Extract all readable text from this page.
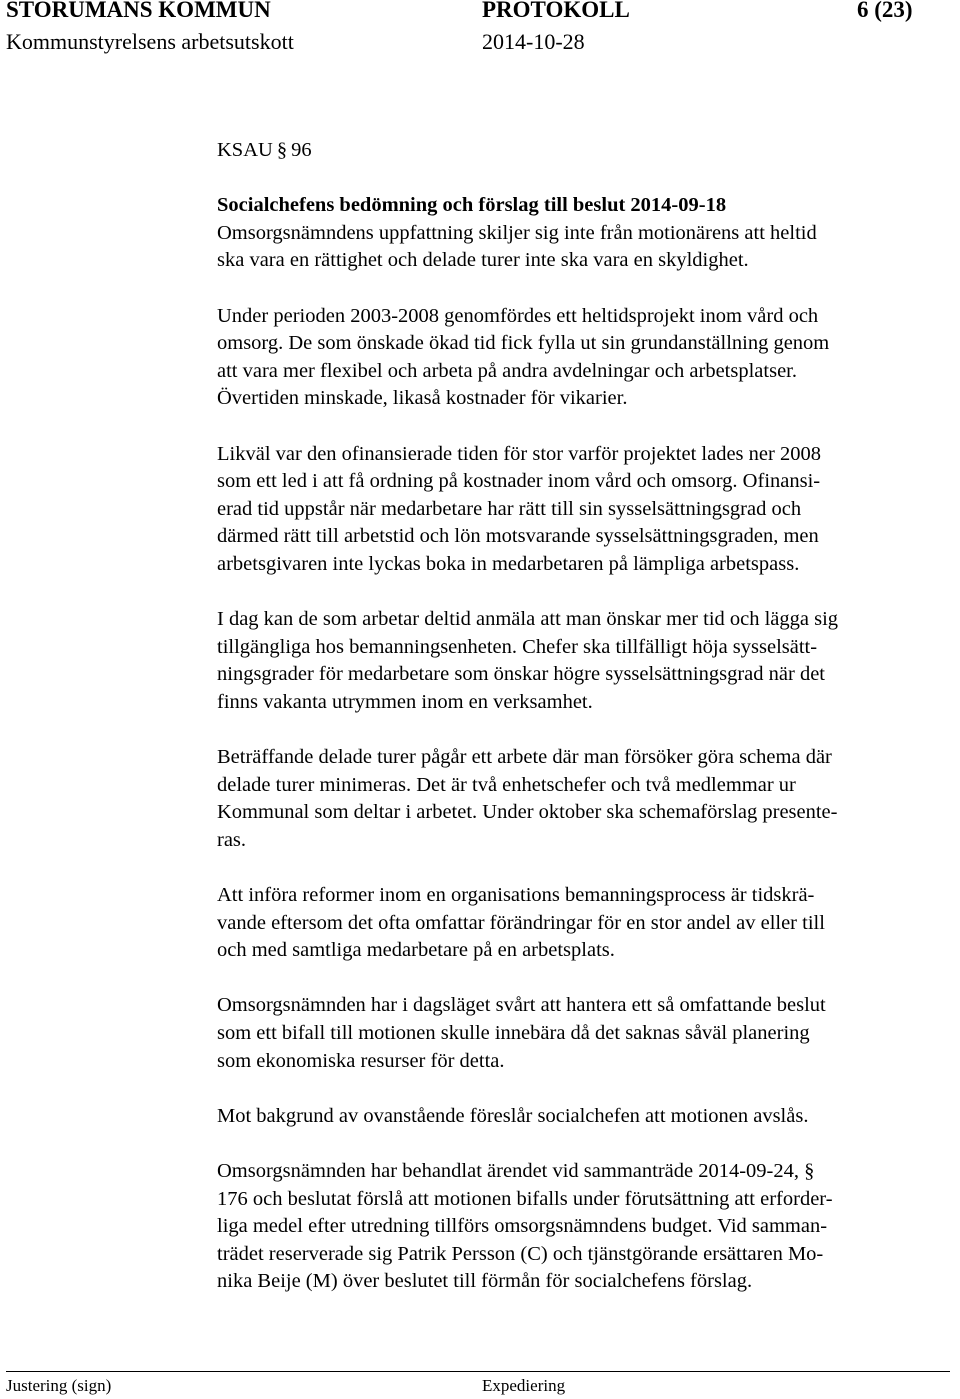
STORUMANS KOMMUN	PROTOKOLL	6 (23)
Kommunstyrelsens arbetsutskott	2014-10-28
KSAU § 96
Socialchefens bedömning och förslag till beslut 2014-09-18

Omsorgsnämndens uppfattning skiljer sig inte från motionärens att heltid
ska vara en rättighet och delade turer inte ska vara en skyldighet.

Under perioden 2003-2008 genomfördes ett heltidsprojekt inom vård och
omsorg. De som önskade ökad tid fick fylla ut sin grundanställning genom
att vara mer flexibel och arbeta på andra avdelningar och arbetsplatser.
Övertiden minskade, likaså kostnader för vikarier.

Likväl var den ofinansierade tiden för stor varför projektet lades ner 2008
som ett led i att få ordning på kostnader inom vård och omsorg. Ofinansi-
erad tid uppstår när medarbetare har rätt till sin sysselsättningsgrad och
därmed rätt till arbetstid och lön motsvarande sysselsättningsgraden, men
arbetsgivaren inte lyckas boka in medarbetaren på lämpliga arbetspass.

I dag kan de som arbetar deltid anmäla att man önskar mer tid och lägga sig
tillgängliga hos bemanningsenheten. Chefer ska tillfälligt höja sysselsätt-
ningsgrader för medarbetare som önskar högre sysselsättningsgrad när det
finns vakanta utrymmen inom en verksamhet.

Beträffande delade turer pågår ett arbete där man försöker göra schema där
delade turer minimeras. Det är två enhetschefer och två medlemmar ur
Kommunal som deltar i arbetet. Under oktober ska schemaförslag presente-
ras.

Att införa reformer inom en organisations bemanningsprocess är tidskrä-
vande eftersom det ofta omfattar förändringar för en stor andel av eller till
och med samtliga medarbetare på en arbetsplats.

Omsorgsnämnden har i dagsläget svårt att hantera ett så omfattande beslut
som ett bifall till motionen skulle innebära då det saknas såväl planering
som ekonomiska resurser för detta.

Mot bakgrund av ovanstående föreslår socialchefen att motionen avslås.

Omsorgsnämnden har behandlat ärendet vid sammanträde 2014-09-24, §
176 och beslutat förslå att motionen bifalls under förutsättning att erforder-
liga medel efter utredning tillförs omsorgsnämndens budget. Vid samman-
trädet reserverade sig Patrik Persson (C) och tjänstgörande ersättaren Mo-
nika Beije (M) över beslutet till förmån för socialchefens förslag.

Justering (sign)	Expediering
